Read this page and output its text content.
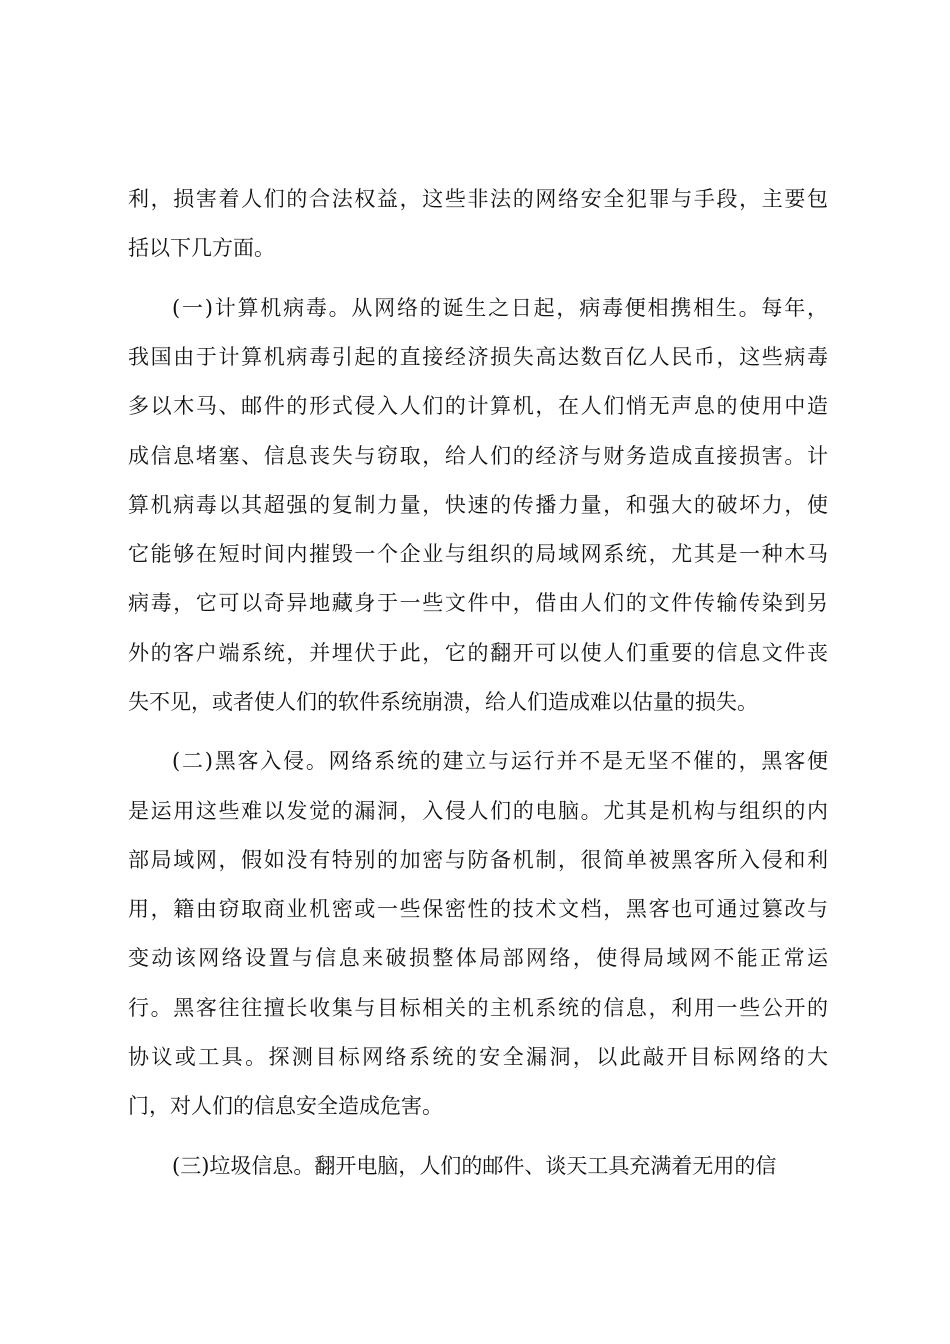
利，损害着人们的合法权益，这些非法的网络安全犯罪与手段，主要包
括以下几方面。
(一)计算机病毒。从网络的诞生之日起，病毒便相携相生。每年，
我国由于计算机病毒引起的直接经济损失高达数百亿人民币，这些病毒
多以木马、邮件的形式侵入人们的计算机，在人们悄无声息的使用中造
成信息堵塞、信息丧失与窃取，给人们的经济与财务造成直接损害。计
算机病毒以其超强的复制力量，快速的传播力量，和强大的破坏力，使
它能够在短时间内摧毁一个企业与组织的局域网系统，尤其是一种木马
病毒，它可以奇异地藏身于一些文件中，借由人们的文件传输传染到另
外的客户端系统，并埋伏于此，它的翻开可以使人们重要的信息文件丧
失不见，或者使人们的软件系统崩溃，给人们造成难以估量的损失。
(二)黑客入侵。网络系统的建立与运行并不是无坚不催的，黑客便
是运用这些难以发觉的漏洞，入侵人们的电脑。尤其是机构与组织的内
部局域网，假如没有特别的加密与防备机制，很简单被黑客所入侵和利
用，籍由窃取商业机密或一些保密性的技术文档，黑客也可通过篡改与
变动该网络设置与信息来破损整体局部网络，使得局域网不能正常运
行。黑客往往擅长收集与目标相关的主机系统的信息，利用一些公开的
协议或工具。探测目标网络系统的安全漏洞，以此敲开目标网络的大
门，对人们的信息安全造成危害。
(三)垃圾信息。翻开电脑，人们的邮件、谈天工具充满着无用的信
